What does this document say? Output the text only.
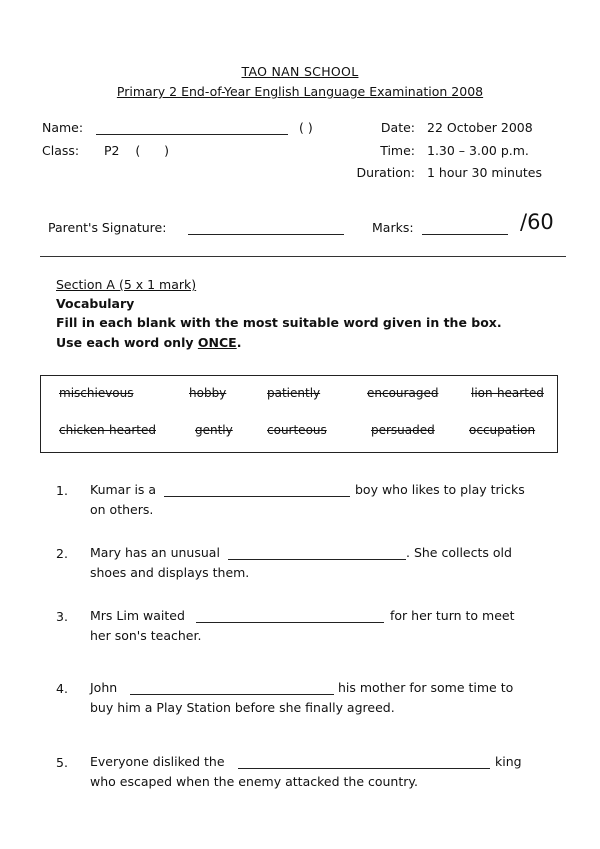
TAO NAN SCHOOL
Primary 2 End-of-Year English Language Examination 2008
Name:	( )
Class: P2    (      )
Date: 22 October 2008
Time: 1.30 – 3.00 p.m.
Duration: 1 hour 30 minutes
Parent's Signature:	Marks:	/60
Section A (5 x 1 mark)
Vocabulary
Fill in each blank with the most suitable word given in the box.
Use each word only ONCE.
mischievous	hobby	patiently	encouraged	lion-hearted
chicken-hearted	gently	courteous	persuaded	occupation
1. Kumar is a	boy who likes to play tricks
on others.
2. Mary has an unusual	. She collects old
shoes and displays them.
3. Mrs Lim waited	for her turn to meet
her son's teacher.
4. John	his mother for some time to
buy him a Play Station before she finally agreed.
5. Everyone disliked the	king
who escaped when the enemy attacked the country.
